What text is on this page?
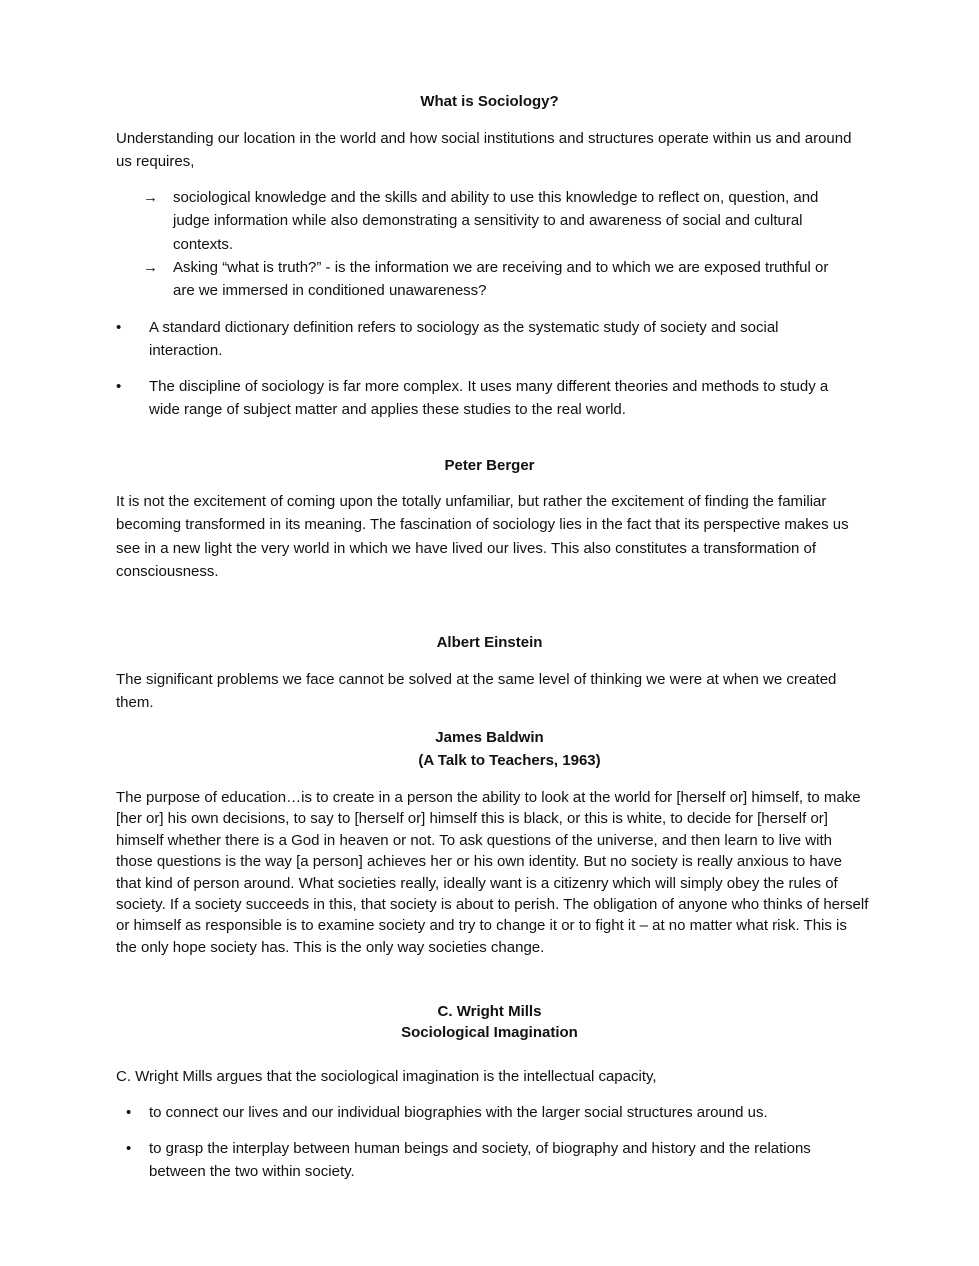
What is Sociology?
Understanding our location in the world and how social institutions and structures operate within us and around us requires,
→ sociological knowledge and the skills and ability to use this knowledge to reflect on, question, and judge information while also demonstrating a sensitivity to and awareness of social and cultural contexts.
→ Asking “what is truth?” - is the information we are receiving and to which we are exposed truthful or are we immersed in conditioned unawareness?
• A standard dictionary definition refers to sociology as the systematic study of society and social interaction.
• The discipline of sociology is far more complex. It uses many different theories and methods to study a wide range of subject matter and applies these studies to the real world.
Peter Berger
It is not the excitement of coming upon the totally unfamiliar, but rather the excitement of finding the familiar becoming transformed in its meaning. The fascination of sociology lies in the fact that its perspective makes us see in a new light the very world in which we have lived our lives. This also constitutes a transformation of consciousness.
Albert Einstein
The significant problems we face cannot be solved at the same level of thinking we were at when we created them.
James Baldwin
(A Talk to Teachers, 1963)
The purpose of education…is to create in a person the ability to look at the world for [herself or] himself, to make [her or] his own decisions, to say to [herself or] himself this is black, or this is white, to decide for [herself or] himself whether there is a God in heaven or not. To ask questions of the universe, and then learn to live with those questions is the way [a person] achieves her or his own identity. But no society is really anxious to have that kind of person around. What societies really, ideally want is a citizenry which will simply obey the rules of society. If a society succeeds in this, that society is about to perish. The obligation of anyone who thinks of herself or himself as responsible is to examine society and try to change it or to fight it – at no matter what risk. This is the only hope society has. This is the only way societies change.
C. Wright Mills
Sociological Imagination
C. Wright Mills argues that the sociological imagination is the intellectual capacity,
• to connect our lives and our individual biographies with the larger social structures around us.
• to grasp the interplay between human beings and society, of biography and history and the relations between the two within society.
